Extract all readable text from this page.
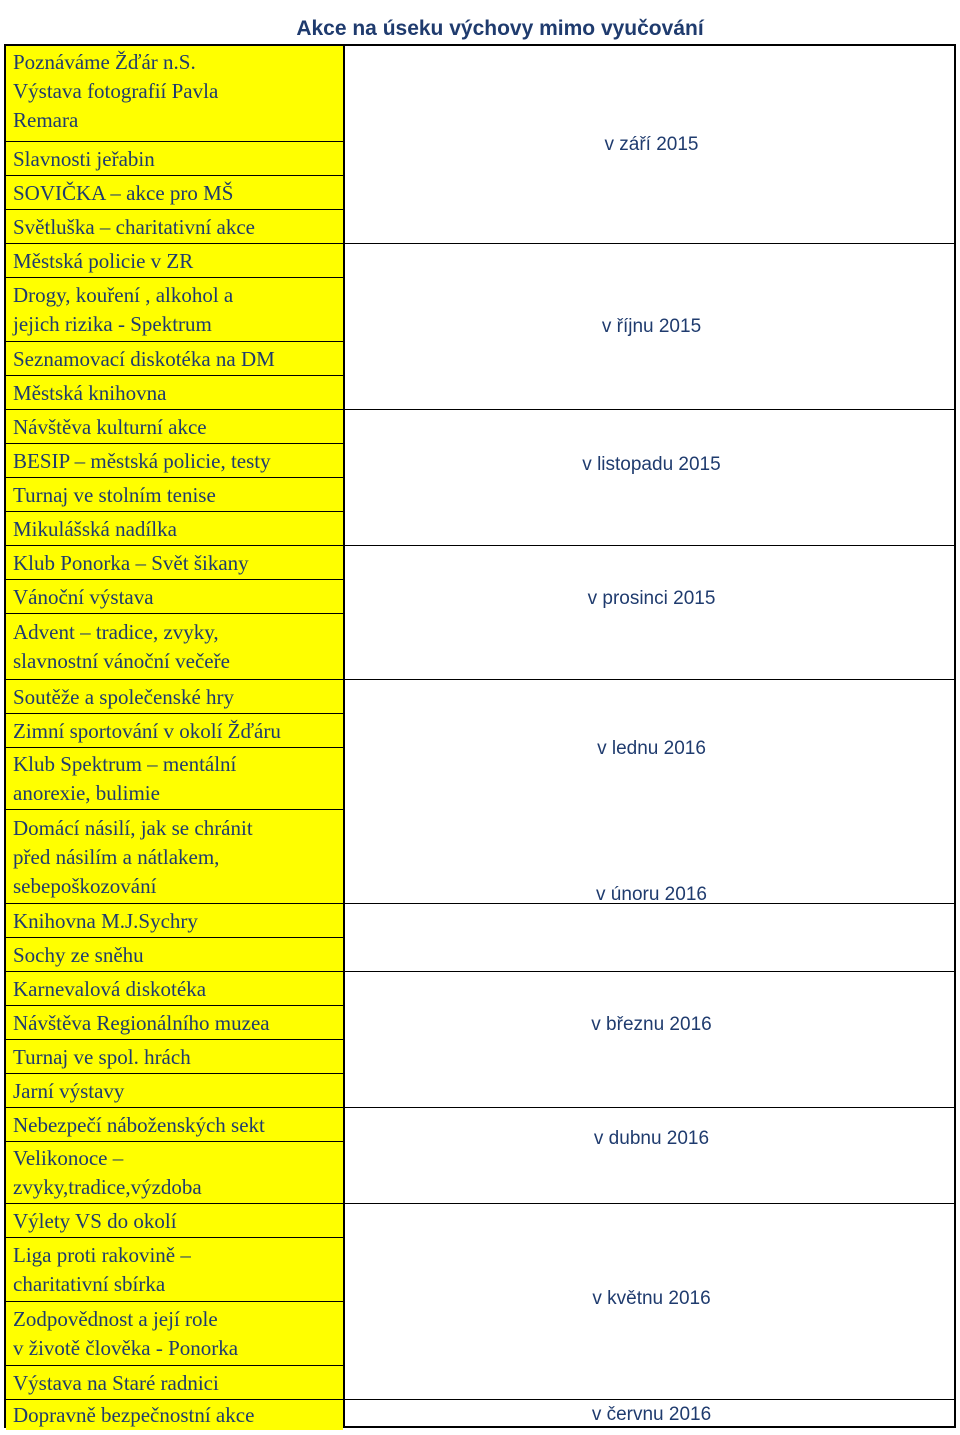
Akce na úseku výchovy mimo vyučování
Poznáváme Žďár n.S.
Výstava fotografií Pavla
Remara
Slavnosti jeřabin
SOVIČKA – akce pro MŠ
Světluška – charitativní akce
Městská policie v ZR
Drogy, kouření , alkohol a
jejich rizika - Spektrum
Seznamovací diskotéka na DM
Městská knihovna
Návštěva kulturní akce
BESIP – městská policie, testy
Turnaj ve stolním tenise
Mikulášská nadílka
Klub Ponorka – Svět šikany
Vánoční výstava
Advent – tradice, zvyky,
slavnostní vánoční večeře
Soutěže a společenské hry
Zimní sportování v okolí Žďáru
Klub Spektrum – mentální
anorexie, bulimie
Domácí násilí, jak se chránit
před násilím a nátlakem,
sebepoškozování
Knihovna M.J.Sychry
Sochy ze sněhu
Karnevalová diskotéka
Návštěva Regionálního muzea
Turnaj ve spol. hrách
Jarní výstavy
Nebezpečí náboženských sekt
Velikonoce –
zvyky,tradice,výzdoba
Výlety VS do okolí
Liga proti rakovině –
charitativní sbírka
Zodpovědnost a její role
v životě člověka - Ponorka
Výstava na Staré radnici
Dopravně bezpečnostní akce
v září 2015
v říjnu 2015
v listopadu 2015
v prosinci 2015
v lednu 2016
v únoru 2016
v březnu 2016
v dubnu 2016
v květnu 2016
v červnu 2016
